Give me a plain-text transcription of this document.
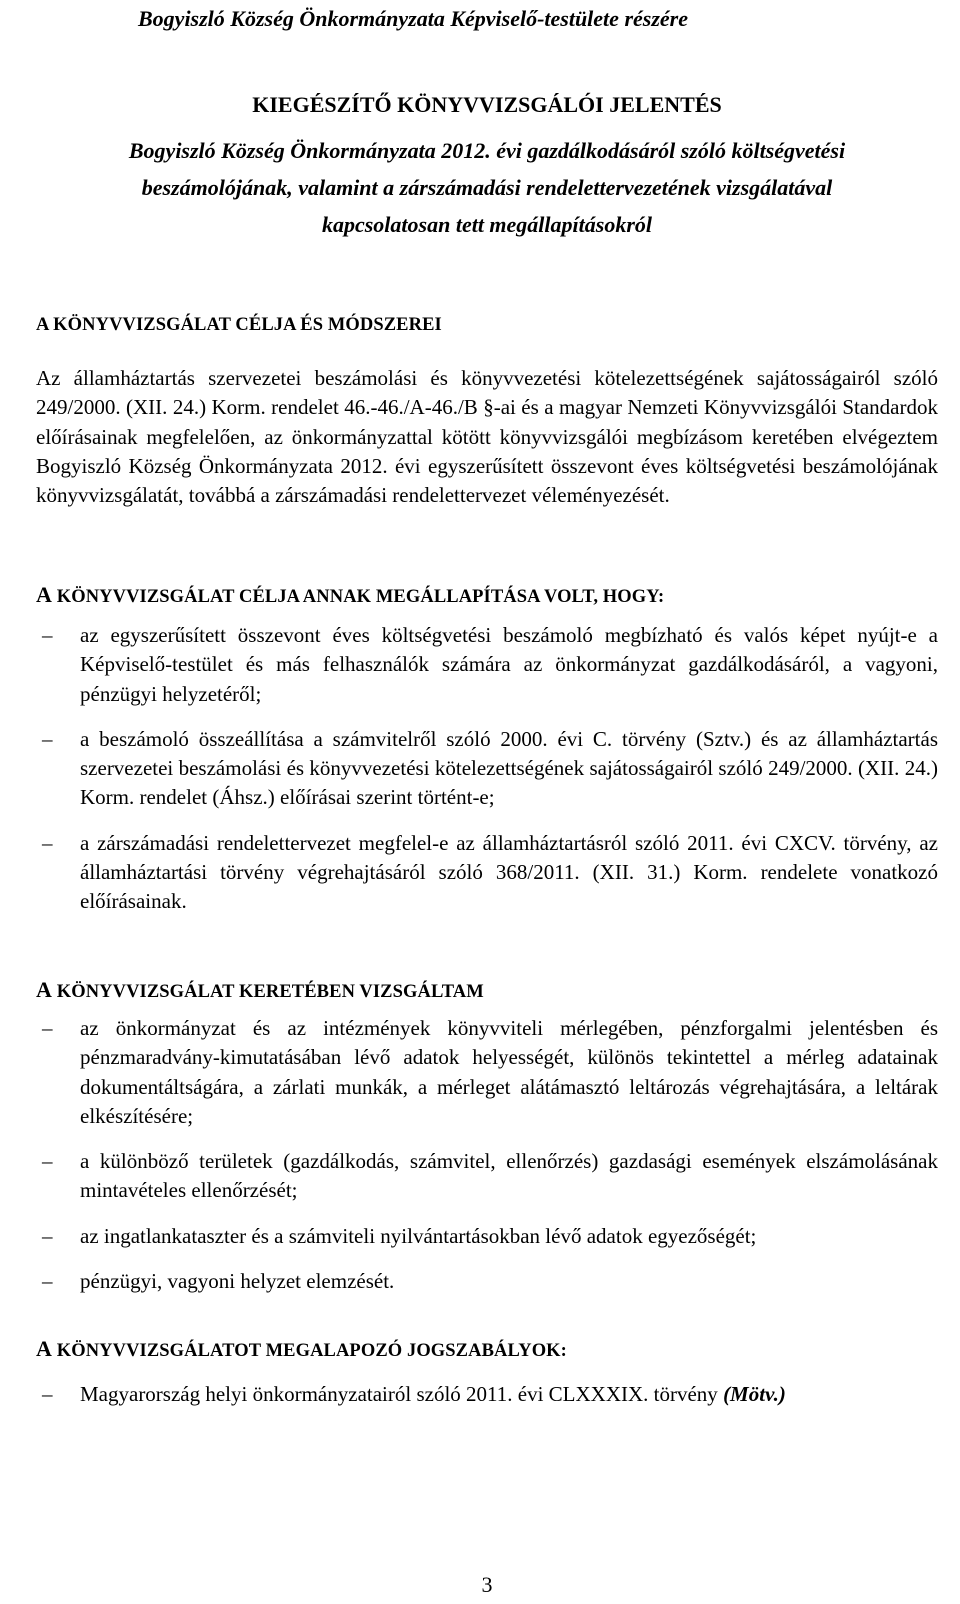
Bogyiszló Község Önkormányzata Képviselő-testülete részére
KIEGÉSZÍTŐ KÖNYVVIZSGÁLÓI JELENTÉS
Bogyiszló Község Önkormányzata 2012. évi gazdálkodásáról szóló költségvetési
beszámolójának, valamint a zárszámadási rendelettervezetének vizsgálatával
kapcsolatosan tett megállapításokról
A KÖNYVVIZSGÁLAT CÉLJA ÉS MÓDSZEREI
Az államháztartás szervezetei beszámolási és könyvvezetési kötelezettségének sajátosságairól szóló 249/2000. (XII. 24.) Korm. rendelet 46.-46./A-46./B §-ai és a magyar Nemzeti Könyvvizsgálói Standardok előírásainak megfelelően, az önkormányzattal kötött könyvvizsgálói megbízásom keretében elvégeztem Bogyiszló Község Önkormányzata 2012. évi egyszerűsített összevont éves költségvetési beszámolójának könyvvizsgálatát, továbbá a zárszámadási rendelettervezet véleményezését.
A KÖNYVVIZSGÁLAT CÉLJA ANNAK MEGÁLLAPÍTÁSA VOLT, HOGY:
– az egyszerűsített összevont éves költségvetési beszámoló megbízható és valós képet nyújt-e a Képviselő-testület és más felhasználók számára az önkormányzat gazdálkodásáról, a vagyoni, pénzügyi helyzetéről;
– a beszámoló összeállítása a számvitelről szóló 2000. évi C. törvény (Sztv.) és az államháztartás szervezetei beszámolási és könyvvezetési kötelezettségének sajátosságairól szóló 249/2000. (XII. 24.) Korm. rendelet (Áhsz.) előírásai szerint történt-e;
– a zárszámadási rendelettervezet megfelel-e az államháztartásról szóló 2011. évi CXCV. törvény, az államháztartási törvény végrehajtásáról szóló 368/2011. (XII. 31.) Korm. rendelete vonatkozó előírásainak.
A KÖNYVVIZSGÁLAT KERETÉBEN VIZSGÁLTAM
– az önkormányzat és az intézmények könyvviteli mérlegében, pénzforgalmi jelentésben és pénzmaradvány-kimutatásában lévő adatok helyességét, különös tekintettel a mérleg adatainak dokumentáltságára, a zárlati munkák, a mérleget alátámasztó leltározás végrehajtására, a leltárak elkészítésére;
– a különböző területek (gazdálkodás, számvitel, ellenőrzés) gazdasági események elszámolásának mintavételes ellenőrzését;
– az ingatlankataszter és a számviteli nyilvántartásokban lévő adatok egyezőségét;
– pénzügyi, vagyoni helyzet elemzését.
A KÖNYVVIZSGÁLATOT MEGALAPOZÓ JOGSZABÁLYOK:
– Magyarország helyi önkormányzatairól szóló 2011. évi CLXXXIX. törvény (Mötv.)
3
